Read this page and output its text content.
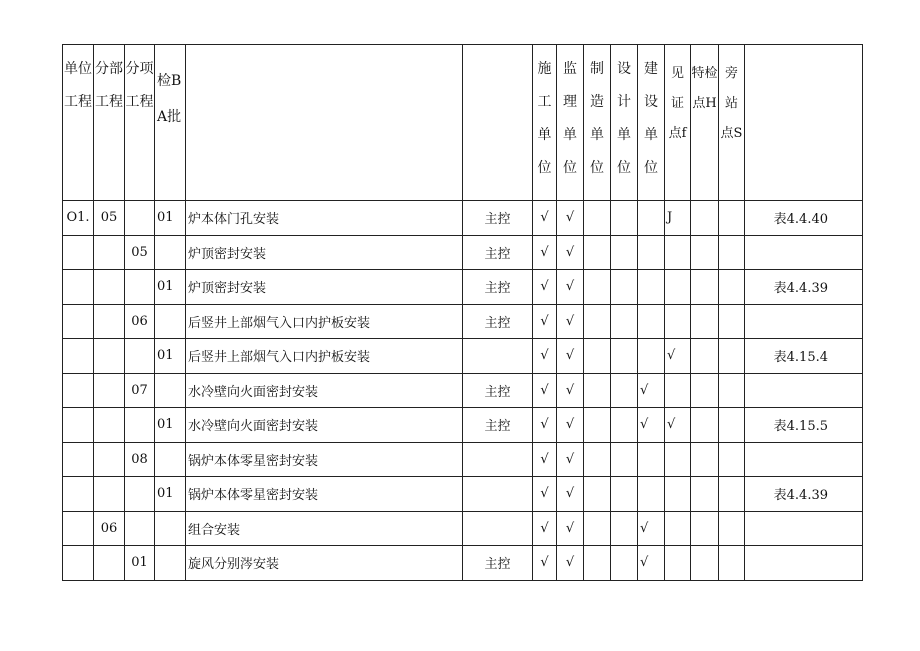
单位工程	分部工程	分项工程	检BA批			施工单位	监理单位	制造单位	设计单位	建设单位	见证点f	特检点H	旁站点S	
O1.	05		01	炉本体门孔安装	主控	√	√				J			表4.4.40
		05		炉顶密封安装	主控	√	√							
			01	炉顶密封安装	主控	√	√							表4.4.39
		06		后竖井上部烟气入口内护板安装	主控	√	√							
			01	后竖井上部烟气入口内护板安装		√	√				√			表4.15.4
		07		水冷壁向火面密封安装	主控	√	√			√				
			01	水冷壁向火面密封安装	主控	√	√			√	√			表4.15.5
		08		锅炉本体零星密封安装		√	√							
			01	锅炉本体零星密封安装		√	√							表4.4.39
	06			组合安装		√	√			√				
		01		旋风分别涔安装	主控	√	√			√				
